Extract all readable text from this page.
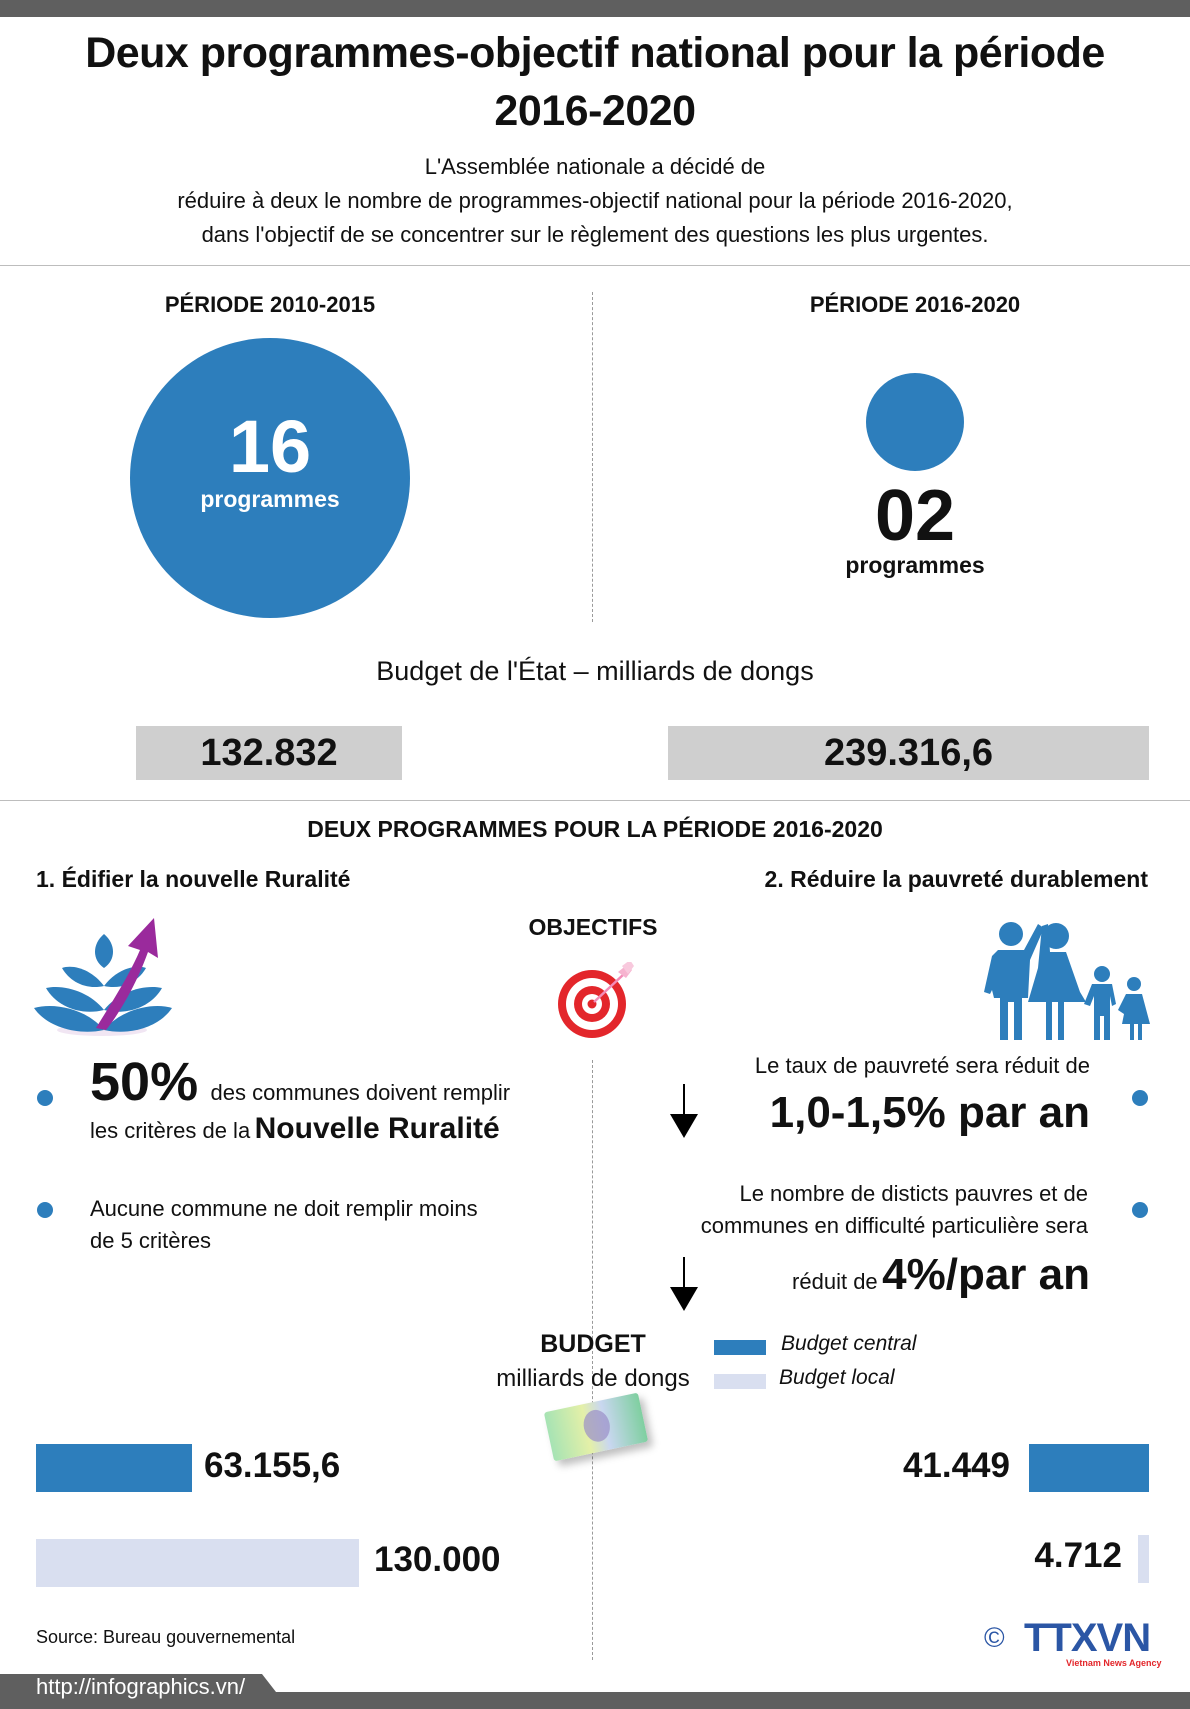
Deux programmes-objectif national pour la période
2016-2020
L'Assemblée nationale a décidé de
réduire à deux le nombre de programmes-objectif national pour la période 2016-2020,
dans l'objectif de se concentrer sur le règlement des questions les plus urgentes.
PÉRIODE 2010-2015	PÉRIODE 2016-2020
16
programmes	02
programmes
Budget de l'État – milliards de dongs
132.832	239.316,6
DEUX PROGRAMMES POUR LA PÉRIODE 2016-2020
1. Édifier la nouvelle Ruralité	2. Réduire la pauvreté durablement
OBJECTIFS
50% des communes doivent remplir
les critères de la Nouvelle Ruralité
Aucune commune ne doit remplir moins
de 5 critères
Le taux de pauvreté sera réduit de
1,0-1,5% par an
Le nombre de disticts pauvres et de
communes en difficulté particulière sera
réduit de 4%/par an
BUDGET
milliards de dongs
Budget central
Budget local
63.155,6
130.000
41.449
4.712
Source: Bureau gouvernemental	© TTXVN
Vietnam News Agency
http://infographics.vn/
